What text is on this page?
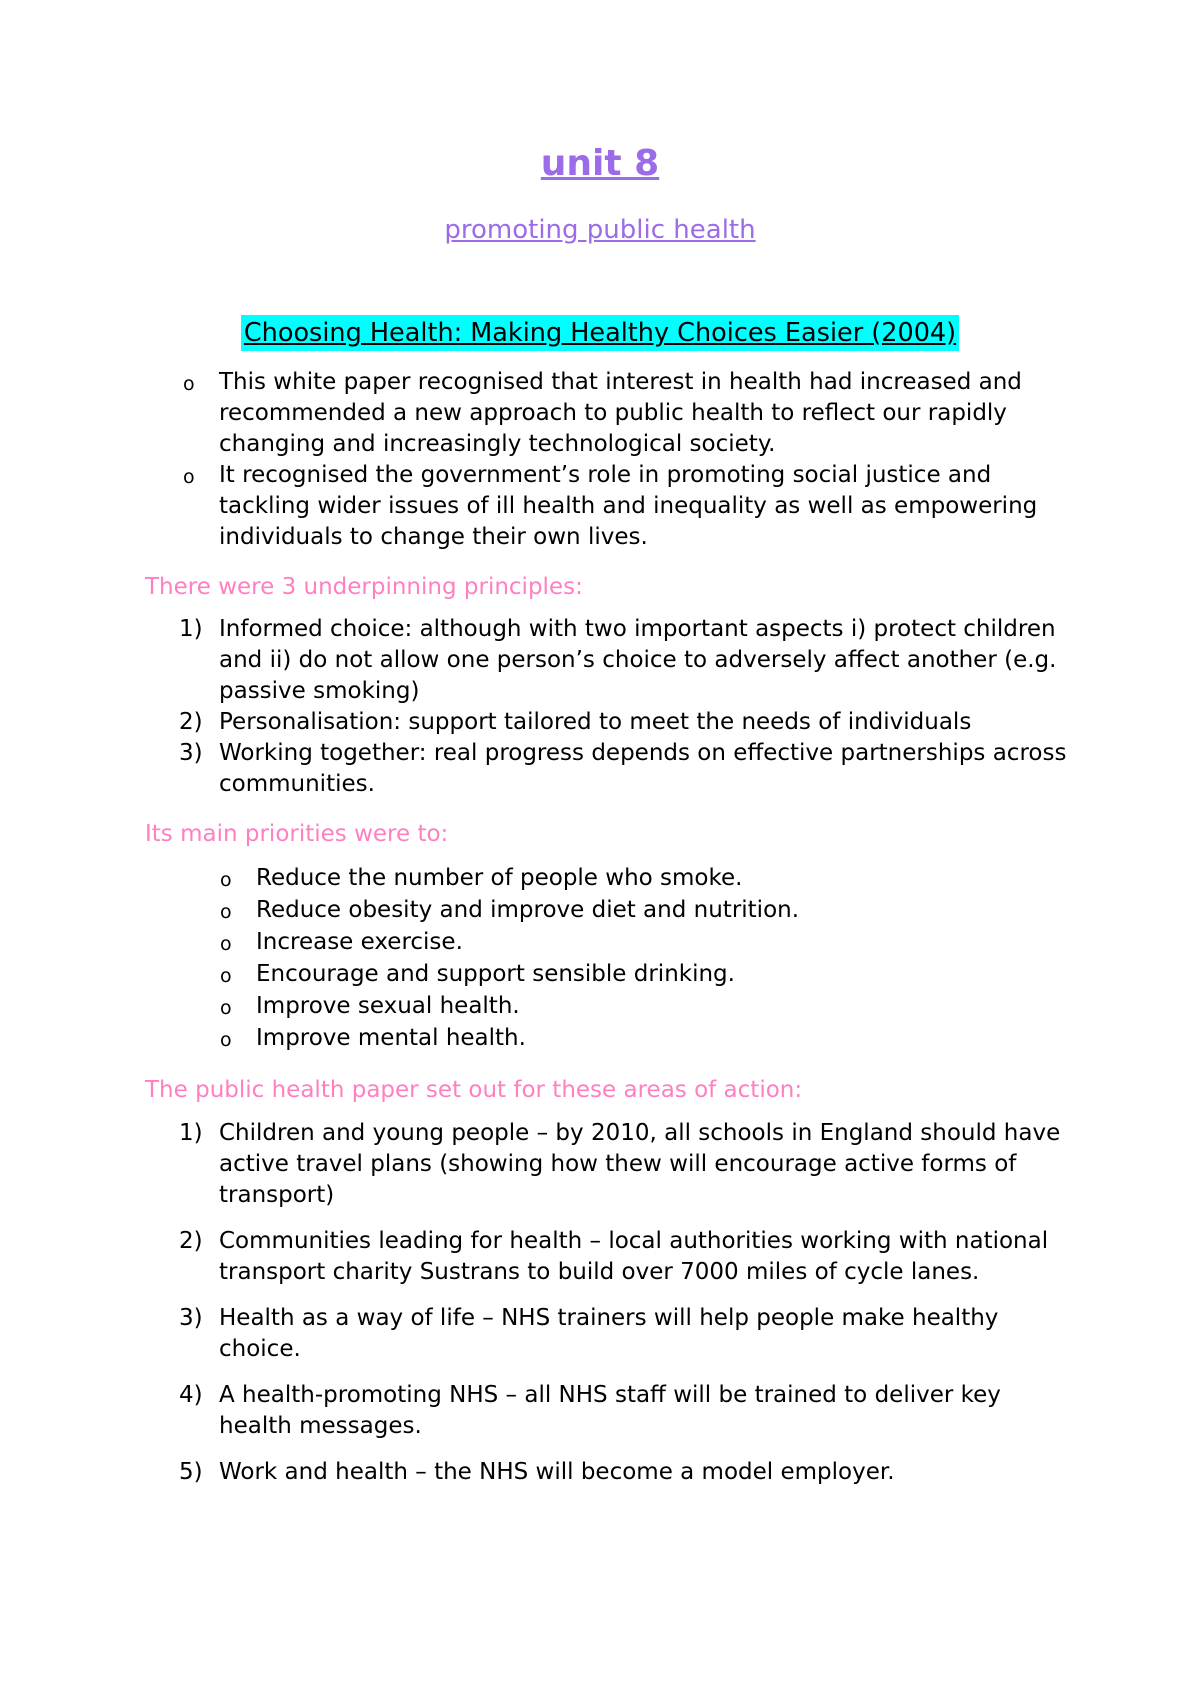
unit 8
promoting public health
Choosing Health: Making Healthy Choices Easier (2004)
o This white paper recognised that interest in health had increased and recommended a new approach to public health to reflect our rapidly changing and increasingly technological society.
o It recognised the government’s role in promoting social justice and tackling wider issues of ill health and inequality as well as empowering individuals to change their own lives.
There were 3 underpinning principles:
1) Informed choice: although with two important aspects i) protect children and ii) do not allow one person’s choice to adversely affect another (e.g. passive smoking)
2) Personalisation: support tailored to meet the needs of individuals
3) Working together: real progress depends on effective partnerships across communities.
Its main priorities were to:
o Reduce the number of people who smoke.
o Reduce obesity and improve diet and nutrition.
o Increase exercise.
o Encourage and support sensible drinking.
o Improve sexual health.
o Improve mental health.
The public health paper set out for these areas of action:
1) Children and young people – by 2010, all schools in England should have active travel plans (showing how thew will encourage active forms of transport)
2) Communities leading for health – local authorities working with national transport charity Sustrans to build over 7000 miles of cycle lanes.
3) Health as a way of life – NHS trainers will help people make healthy choice.
4) A health-promoting NHS – all NHS staff will be trained to deliver key health messages.
5) Work and health – the NHS will become a model employer.
